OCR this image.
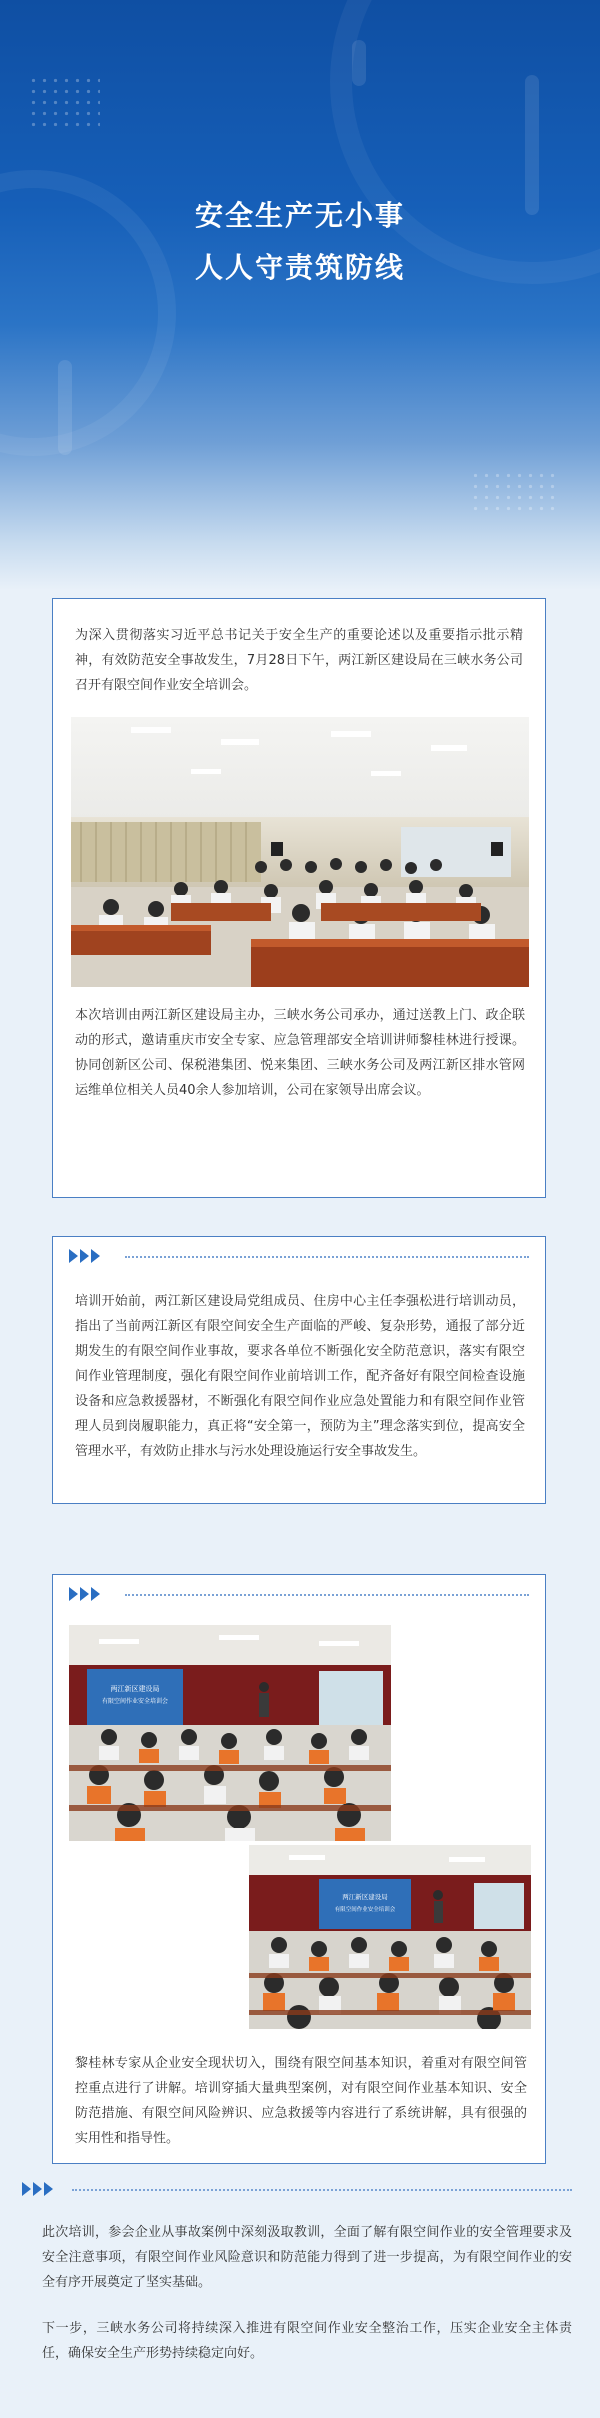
安全生产无小事
人人守责筑防线

为深入贯彻落实习近平总书记关于安全生产的重要论述以及重要指示批示精神，有效防范安全事故发生，7月28日下午，两江新区建设局在三峡水务公司召开有限空间作业安全培训会。

本次培训由两江新区建设局主办，三峡水务公司承办，通过送教上门、政企联动的形式，邀请重庆市安全专家、应急管理部安全培训讲师黎桂林进行授课。协同创新区公司、保税港集团、悦来集团、三峡水务公司及两江新区排水管网运维单位相关人员40余人参加培训，公司在家领导出席会议。

培训开始前，两江新区建设局党组成员、住房中心主任李强松进行培训动员，指出了当前两江新区有限空间安全生产面临的严峻、复杂形势，通报了部分近期发生的有限空间作业事故，要求各单位不断强化安全防范意识，落实有限空间作业管理制度，强化有限空间作业前培训工作，配齐备好有限空间检查设施设备和应急救援器材，不断强化有限空间作业应急处置能力和有限空间作业管理人员到岗履职能力，真正将“安全第一，预防为主”理念落实到位，提高安全管理水平，有效防止排水与污水处理设施运行安全事故发生。

两江新区建设局
有限空间作业安全培训会
两江新区建设局
有限空间作业安全培训会

黎桂林专家从企业安全现状切入，围绕有限空间基本知识，着重对有限空间管控重点进行了讲解。培训穿插大量典型案例，对有限空间作业基本知识、安全防范措施、有限空间风险辨识、应急救援等内容进行了系统讲解，具有很强的实用性和指导性。

此次培训，参会企业从事故案例中深刻汲取教训，全面了解有限空间作业的安全管理要求及安全注意事项，有限空间作业风险意识和防范能力得到了进一步提高，为有限空间作业的安全有序开展奠定了坚实基础。

下一步，三峡水务公司将持续深入推进有限空间作业安全整治工作，压实企业安全主体责任，确保安全生产形势持续稳定向好。
